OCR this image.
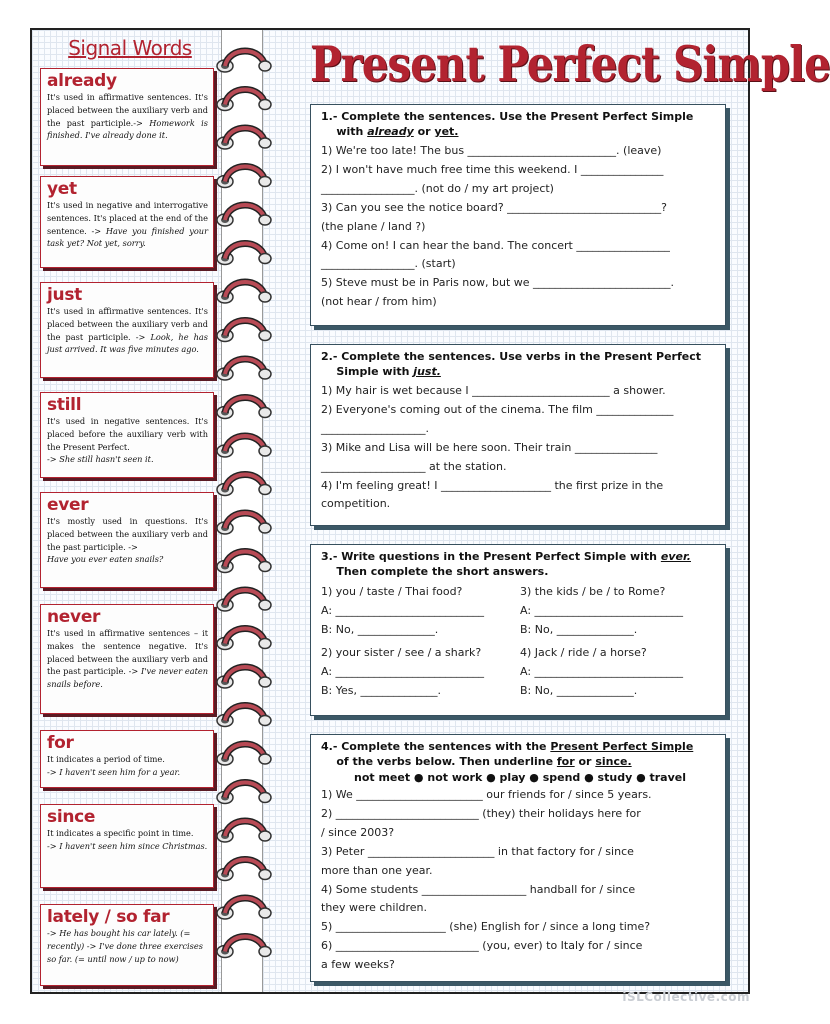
Signal Words	Present Perfect Simple
already
It's used in affirmative sentences. It's placed between the auxiliary verb and the past participle.-> Homework is finished. I've already done it.
yet
It's used in negative and interrogative sentences. It's placed at the end of the sentence. -> Have you finished your task yet? Not yet, sorry.
just
It's used in affirmative sentences. It's placed between the auxiliary verb and the past participle. -> Look, he has just arrived. It was five minutes ago.
still
It's used in negative sentences. It's placed before the auxiliary verb with the Present Perfect.
-> She still hasn't seen it.
ever
It's mostly used in questions. It's placed between the auxiliary verb and the past participle. ->
Have you ever eaten snails?
never
It's used in affirmative sentences – it makes the sentence negative. It's placed between the auxiliary verb and the past participle. -> I've never eaten snails before.
for
It indicates a period of time.
-> I haven't seen him for a year.
since
It indicates a specific point in time.
-> I haven't seen him since Christmas.
lately / so far
-> He has bought his car lately. (= recently) -> I've done three exercises so far. (= until now / up to now)
1.- Complete the sentences. Use the Present Perfect Simple
with already or yet.
1) We're too late! The bus ___________________________. (leave)
2) I won't have much free time this weekend. I _______________
_________________. (not do / my art project)
3) Can you see the notice board? ____________________________?
(the plane / land ?)
4) Come on! I can hear the band. The concert _________________
_________________. (start)
5) Steve must be in Paris now, but we _________________________.
(not hear / from him)
2.- Complete the sentences. Use verbs in the Present Perfect
Simple with just.
1) My hair is wet because I _________________________ a shower.
2) Everyone's coming out of the cinema. The film ______________
___________________.
3) Mike and Lisa will be here soon. Their train _______________
___________________ at the station.
4) I'm feeling great! I ____________________ the first prize in the
competition.
3.- Write questions in the Present Perfect Simple with ever.
Then complete the short answers.
1) you / taste / Thai food?
A: ___________________________
B: No, ______________.
2) your sister / see / a shark?
A: ___________________________
B: Yes, ______________.
3) the kids / be / to Rome?
A: ___________________________
B: No, ______________.
4) Jack / ride / a horse?
A: ___________________________
B: No, ______________.
4.- Complete the sentences with the Present Perfect Simple
of the verbs below. Then underline for or since.
not meet ● not work ● play ● spend ● study ● travel
1) We _______________________ our friends for / since 5 years.
2) __________________________ (they) their holidays here for
/ since 2003?
3) Peter _______________________ in that factory for / since
more than one year.
4) Some students ___________________ handball for / since
they were children.
5) ____________________ (she) English for / since a long time?
6) __________________________ (you, ever) to Italy for / since
a few weeks?
iSLCollective.com
